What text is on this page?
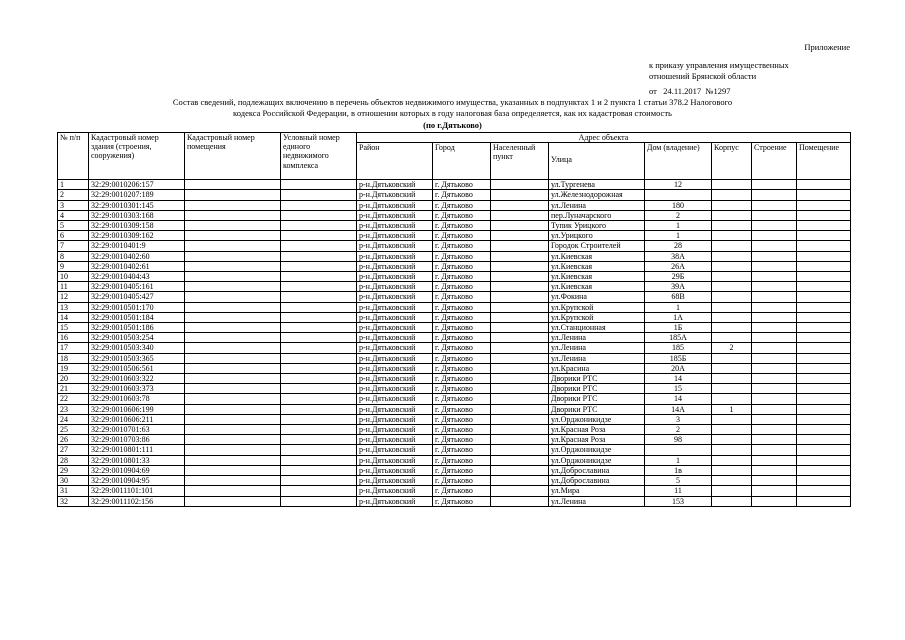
Приложение
к приказу управления имущественных
отношений Брянской области
от 24.11.2017 №1297
Состав сведений, подлежащих включению в перечень объектов недвижимого имущества, указанных в подпунктах 1 и 2 пункта 1 статьи 378.2 Налогового
кодекса Российской Федерации, в отношении которых в году налоговая база определяется, как их кадастровая стоимость
(по г.Дятьково)
№ п/п	Кадастровый номер здания (строения, сооружения)	Кадастровый номер помещения	Условный номер единого недвижимого комплекса	Адрес объекта							
				Район	Город	Населенный пункт	Улица	Дом (владение)	Корпус	Строение	Помещение
1	32:29:0010206:157			р-н.Дятьковский	г. Дятьково		ул.Тургенева	12			
2	32:29:0010207:189			р-н.Дятьковский	г. Дятьково		ул.Железнодорожная				
3	32:29:0010301:145			р-н.Дятьковский	г. Дятьково		ул.Ленина	180			
4	32:29:0010303:168			р-н.Дятьковский	г. Дятьково		пер.Луначарского	2			
5	32:29:0010309:158			р-н.Дятьковский	г. Дятьково		Тупик Урицкого	1			
6	32:29:0010309:162			р-н.Дятьковский	г. Дятьково		ул.Урицкого	1			
7	32:29:0010401:9			р-н.Дятьковский	г. Дятьково		Городок Строителей	28			
8	32:29:0010402:60			р-н.Дятьковский	г. Дятьково		ул.Киевская	38А			
9	32:29:0010402:61			р-н.Дятьковский	г. Дятьково		ул.Киевская	26А			
10	32:29:0010404:43			р-н.Дятьковский	г. Дятьково		ул.Киевская	29Б			
11	32:29:0010405:161			р-н.Дятьковский	г. Дятьково		ул.Киевская	39А			
12	32:29:0010405:427			р-н.Дятьковский	г. Дятьково		ул.Фокина	68В			
13	32:29:0010501:170			р-н.Дятьковский	г. Дятьково		ул.Крупской	1			
14	32:29:0010501:184			р-н.Дятьковский	г. Дятьково		ул.Крупской	1А			
15	32:29:0010501:186			р-н.Дятьковский	г. Дятьково		ул.Станционная	1Б			
16	32:29:0010503:254			р-н.Дятьковский	г. Дятьково		ул.Ленина	185А			
17	32:29:0010503:340			р-н.Дятьковский	г. Дятьково		ул.Ленина	185	2		
18	32:29:0010503:365			р-н.Дятьковский	г. Дятьково		ул.Ленина	185Б			
19	32:29:0010506:561			р-н.Дятьковский	г. Дятьково		ул.Красина	20А			
20	32:29:0010603:322			р-н.Дятьковский	г. Дятьково		Дворики РТС	14			
21	32:29:0010603:373			р-н.Дятьковский	г. Дятьково		Дворики РТС	15			
22	32:29:0010603:78			р-н.Дятьковский	г. Дятьково		Дворики РТС	14			
23	32:29:0010606:199			р-н.Дятьковский	г. Дятьково		Дворики РТС	14А	1		
24	32:29:0010606:211			р-н.Дятьковский	г. Дятьково		ул.Орджоникидзе	3			
25	32:29:0010701:63			р-н.Дятьковский	г. Дятьково		ул.Красная Роза	2			
26	32:29:0010703:86			р-н.Дятьковский	г. Дятьково		ул.Красная Роза	98			
27	32:29:0010801:111			р-н.Дятьковский	г. Дятьково		ул.Орджоникидзе				
28	32:29:0010801:33			р-н.Дятьковский	г. Дятьково		ул.Орджоникидзе	1			
29	32:29:0010904:69			р-н.Дятьковский	г. Дятьково		ул.Доброславина	1в			
30	32:29:0010904:95			р-н.Дятьковский	г. Дятьково		ул.Доброславина	5			
31	32:29:0011101:101			р-н.Дятьковский	г. Дятьково		ул.Мира	11			
32	32:29:0011102:156			р-н.Дятьковский	г. Дятьково		ул.Ленина	153			
